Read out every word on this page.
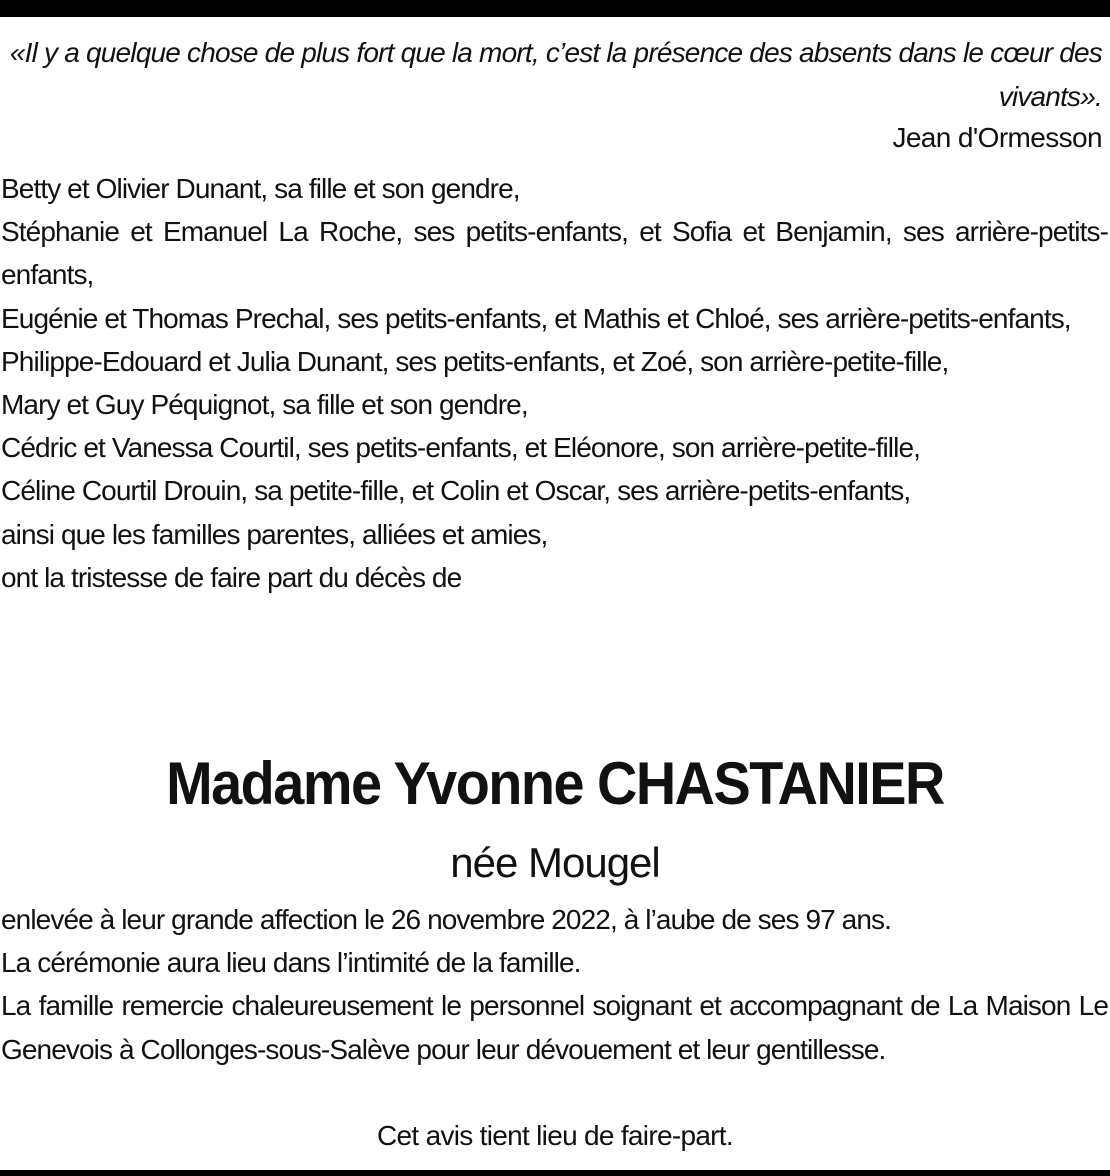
«Il y a quelque chose de plus fort que la mort, c’est la présence des absents dans le cœur des vivants».
Jean d'Ormesson

Betty et Olivier Dunant, sa fille et son gendre,

Stéphanie et Emanuel La Roche, ses petits-enfants, et Sofia et Benjamin, ses arrière-petits-enfants,

Eugénie et Thomas Prechal, ses petits-enfants, et Mathis et Chloé, ses arrière-petits-enfants,

Philippe-Edouard et Julia Dunant, ses petits-enfants, et Zoé, son arrière-petite-fille,

Mary et Guy Péquignot, sa fille et son gendre,

Cédric et Vanessa Courtil, ses petits-enfants, et Eléonore, son arrière-petite-fille,

Céline Courtil Drouin, sa petite-fille, et Colin et Oscar, ses arrière-petits-enfants,

ainsi que les familles parentes, alliées et amies,

ont la tristesse de faire part du décès de

Madame Yvonne CHASTANIER
née Mougel

enlevée à leur grande affection le 26 novembre 2022, à l’aube de ses 97 ans.

La cérémonie aura lieu dans l’intimité de la famille.

La famille remercie chaleureusement le personnel soignant et accompagnant de La Maison Le Genevois à Collonges-sous-Salève pour leur dévouement et leur gentillesse.

Cet avis tient lieu de faire-part.
